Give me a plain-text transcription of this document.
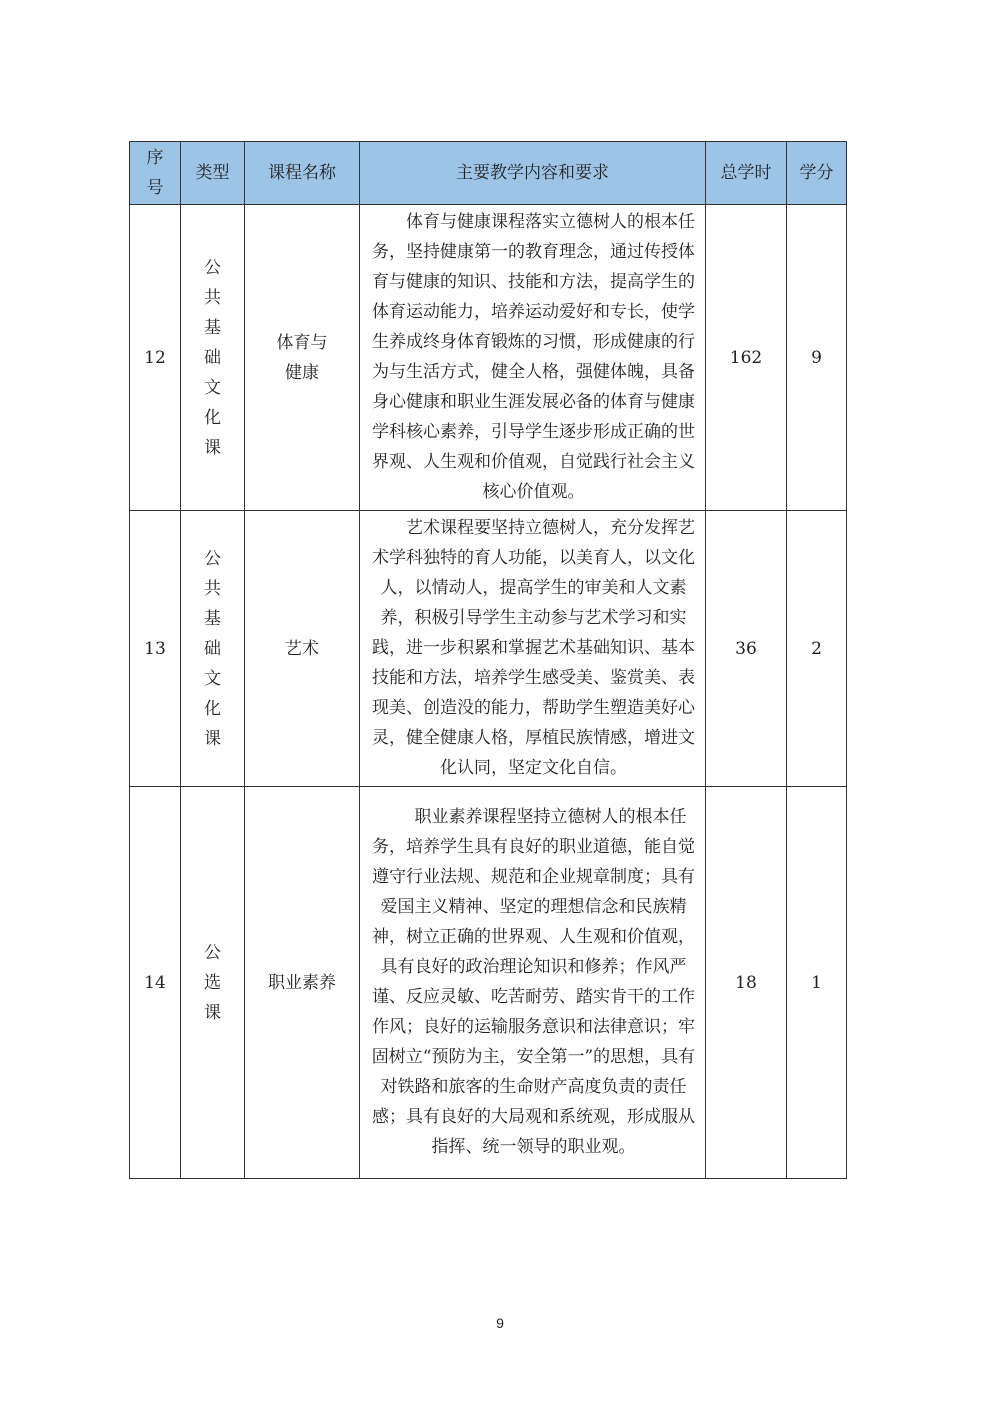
序号	类型	课程名称	主要教学内容和要求	总学时	学分
12	公共基础文化课	体育与健康	体育与健康课程落实立德树人的根本任务，坚持健康第一的教育理念，通过传授体育与健康的知识、技能和方法，提高学生的体育运动能力，培养运动爱好和专长，使学生养成终身体育锻炼的习惯，形成健康的行为与生活方式，健全人格，强健体魄，具备身心健康和职业生涯发展必备的体育与健康学科核心素养，引导学生逐步形成正确的世界观、人生观和价值观，自觉践行社会主义核心价值观。	162	9
13	公共基础文化课	艺术	艺术课程要坚持立德树人，充分发挥艺术学科独特的育人功能，以美育人，以文化人，以情动人，提高学生的审美和人文素养，积极引导学生主动参与艺术学习和实践，进一步积累和掌握艺术基础知识、基本技能和方法，培养学生感受美、鉴赏美、表现美、创造没的能力，帮助学生塑造美好心灵，健全健康人格，厚植民族情感，增进文化认同，坚定文化自信。	36	2
14	公选课	职业素养	职业素养课程坚持立德树人的根本任务，培养学生具有良好的职业道德，能自觉遵守行业法规、规范和企业规章制度；具有爱国主义精神、坚定的理想信念和民族精神，树立正确的世界观、人生观和价值观，具有良好的政治理论知识和修养；作风严谨、反应灵敏、吃苦耐劳、踏实肯干的工作作风；良好的运输服务意识和法律意识；牢固树立“预防为主，安全第一”的思想，具有对铁路和旅客的生命财产高度负责的责任感；具有良好的大局观和系统观，形成服从指挥、统一领导的职业观。	18	1
9
